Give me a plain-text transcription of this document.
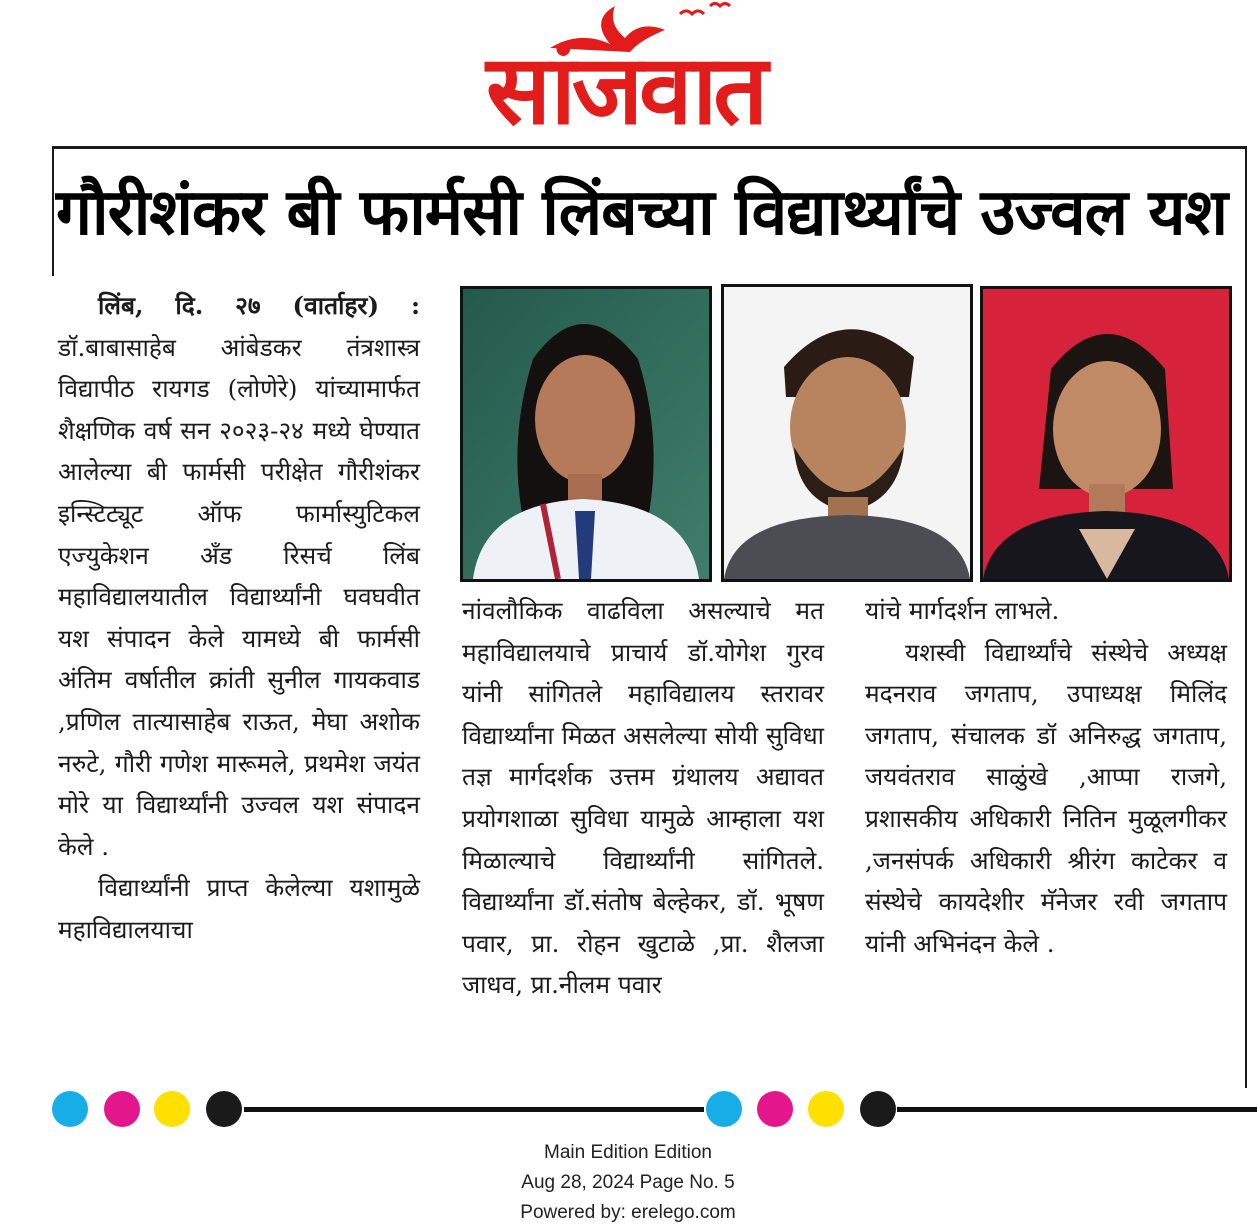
सांजवात
गौरीशंकर बी फार्मसी लिंबच्या विद्यार्थ्यांचे उज्वल यश

लिंब, दि. २७ (वार्ताहर) : डॉ.बाबासाहेब आंबेडकर तंत्रशास्त्र विद्यापीठ रायगड (लोणेरे) यांच्यामार्फत शैक्षणिक वर्ष सन २०२३-२४ मध्ये घेण्यात आलेल्या बी फार्मसी परीक्षेत गौरीशंकर इन्स्टिट्यूट ऑफ फार्मास्युटिकल एज्युकेशन अँड रिसर्च लिंब महाविद्यालयातील विद्यार्थ्यांनी घवघवीत यश संपादन केले यामध्ये बी फार्मसी अंतिम वर्षातील क्रांती सुनील गायकवाड ,प्रणिल तात्यासाहेब राऊत, मेघा अशोक नरुटे, गौरी गणेश मारूमले, प्रथमेश जयंत मोरे या विद्यार्थ्यांनी उज्वल यश संपादन केले .

विद्यार्थ्यांनी प्राप्त केलेल्या यशामुळे महाविद्यालयाचा

नांवलौकिक वाढविला असल्याचे मत महाविद्यालयाचे प्राचार्य डॉ.योगेश गुरव यांनी सांगितले महाविद्यालय स्तरावर विद्यार्थ्यांना मिळत असलेल्या सोयी सुविधा तज्ञ मार्गदर्शक उत्तम ग्रंथालय अद्यावत प्रयोगशाळा सुविधा यामुळे आम्हाला यश मिळाल्याचे विद्यार्थ्यांनी सांगितले. विद्यार्थ्यांना डॉ.संतोष बेल्हेकर, डॉ. भूषण पवार, प्रा. रोहन खुटाळे ,प्रा. शैलजा जाधव, प्रा.नीलम पवार

यांचे मार्गदर्शन लाभले.

यशस्वी विद्यार्थ्यांचे संस्थेचे अध्यक्ष मदनराव जगताप, उपाध्यक्ष मिलिंद जगताप, संचालक डॉ अनिरुद्ध जगताप, जयवंतराव साळुंखे ,आप्पा राजगे, प्रशासकीय अधिकारी नितिन मुळूलगीकर ,जनसंपर्क अधिकारी श्रीरंग काटेकर व संस्थेचे कायदेशीर मॅनेजर रवी जगताप यांनी अभिनंदन केले .

Main Edition Edition
Aug 28, 2024 Page No. 5
Powered by: erelego.com
